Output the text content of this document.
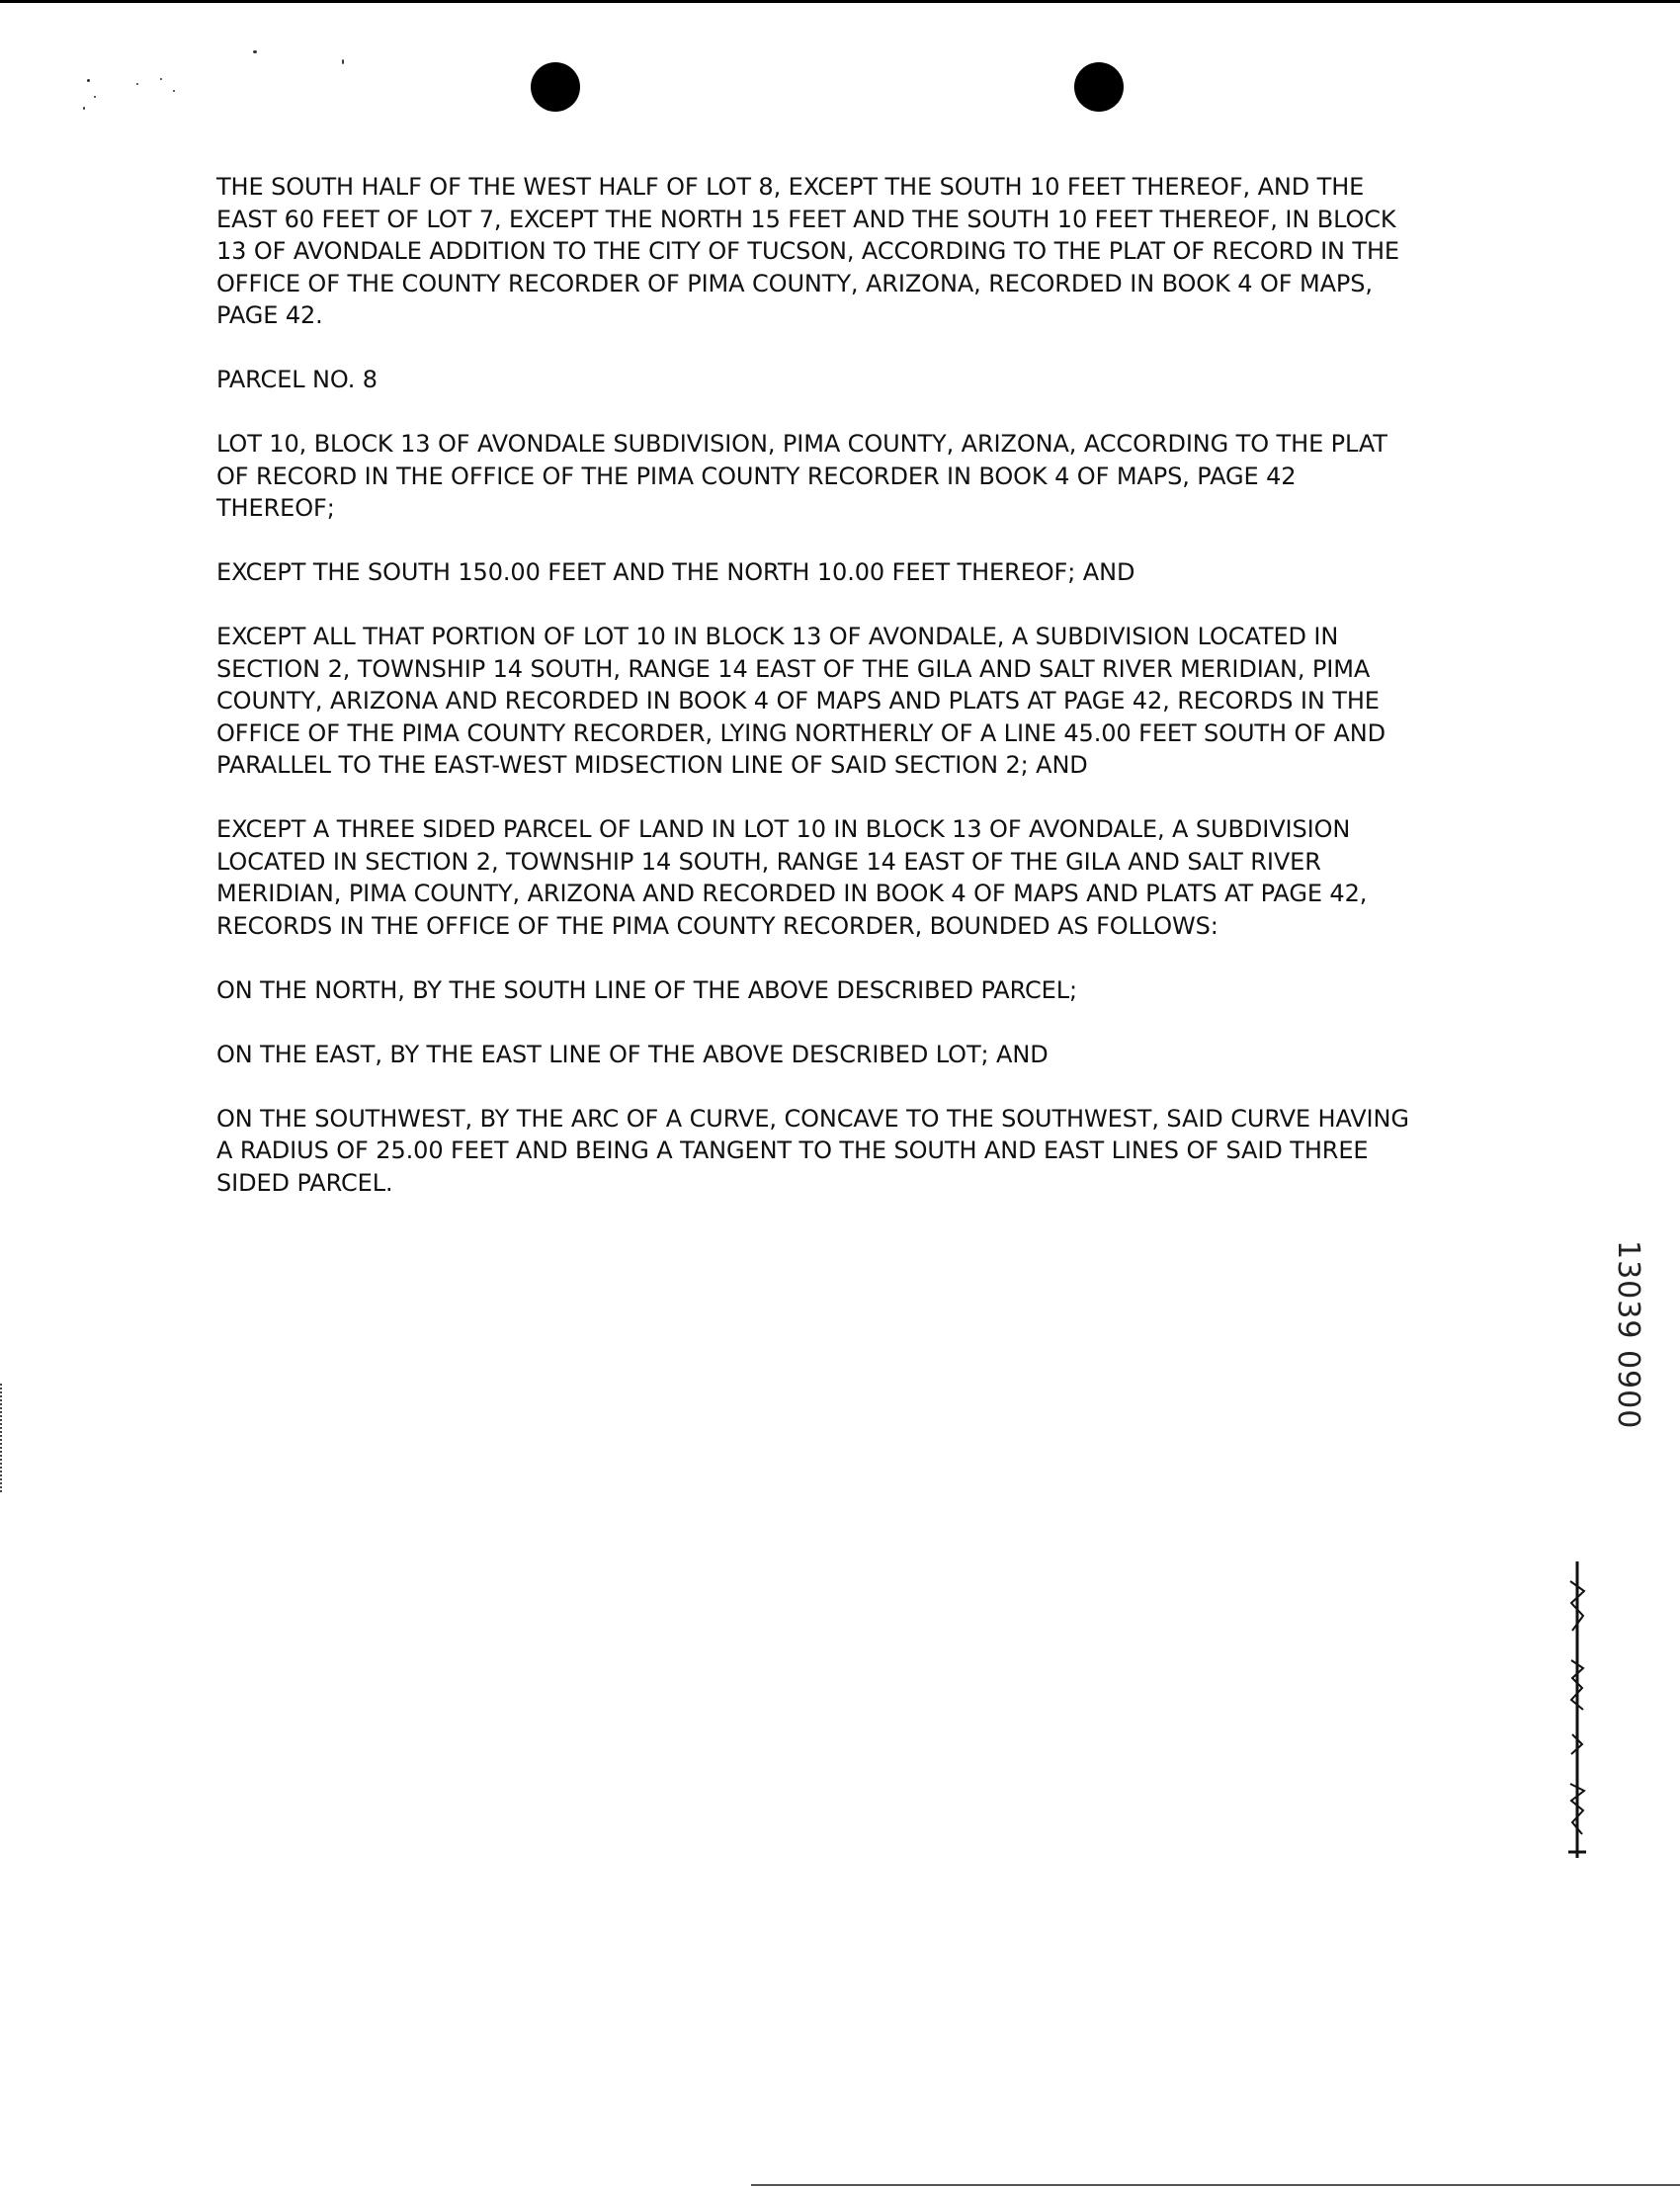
THE SOUTH HALF OF THE WEST HALF OF LOT 8, EXCEPT THE SOUTH 10 FEET THEREOF, AND THE
EAST 60 FEET OF LOT 7, EXCEPT THE NORTH 15 FEET AND THE SOUTH 10 FEET THEREOF, IN BLOCK
13 OF AVONDALE ADDITION TO THE CITY OF TUCSON, ACCORDING TO THE PLAT OF RECORD IN THE
OFFICE OF THE COUNTY RECORDER OF PIMA COUNTY, ARIZONA, RECORDED IN BOOK 4 OF MAPS,
PAGE 42.

PARCEL NO. 8

LOT 10, BLOCK 13 OF AVONDALE SUBDIVISION, PIMA COUNTY, ARIZONA, ACCORDING TO THE PLAT
OF RECORD IN THE OFFICE OF THE PIMA COUNTY RECORDER IN BOOK 4 OF MAPS, PAGE 42
THEREOF;

EXCEPT THE SOUTH 150.00 FEET AND THE NORTH 10.00 FEET THEREOF; AND

EXCEPT ALL THAT PORTION OF LOT 10 IN BLOCK 13 OF AVONDALE, A SUBDIVISION LOCATED IN
SECTION 2, TOWNSHIP 14 SOUTH, RANGE 14 EAST OF THE GILA AND SALT RIVER MERIDIAN, PIMA
COUNTY, ARIZONA AND RECORDED IN BOOK 4 OF MAPS AND PLATS AT PAGE 42, RECORDS IN THE
OFFICE OF THE PIMA COUNTY RECORDER, LYING NORTHERLY OF A LINE 45.00 FEET SOUTH OF AND
PARALLEL TO THE EAST-WEST MIDSECTION LINE OF SAID SECTION 2; AND

EXCEPT A THREE SIDED PARCEL OF LAND IN LOT 10 IN BLOCK 13 OF AVONDALE, A SUBDIVISION
LOCATED IN SECTION 2, TOWNSHIP 14 SOUTH, RANGE 14 EAST OF THE GILA AND SALT RIVER
MERIDIAN, PIMA COUNTY, ARIZONA AND RECORDED IN BOOK 4 OF MAPS AND PLATS AT PAGE 42,
RECORDS IN THE OFFICE OF THE PIMA COUNTY RECORDER, BOUNDED AS FOLLOWS:

ON THE NORTH, BY THE SOUTH LINE OF THE ABOVE DESCRIBED PARCEL;

ON THE EAST, BY THE EAST LINE OF THE ABOVE DESCRIBED LOT; AND

ON THE SOUTHWEST, BY THE ARC OF A CURVE, CONCAVE TO THE SOUTHWEST, SAID CURVE HAVING
A RADIUS OF 25.00 FEET AND BEING A TANGENT TO THE SOUTH AND EAST LINES OF SAID THREE
SIDED PARCEL.

13039 0900
